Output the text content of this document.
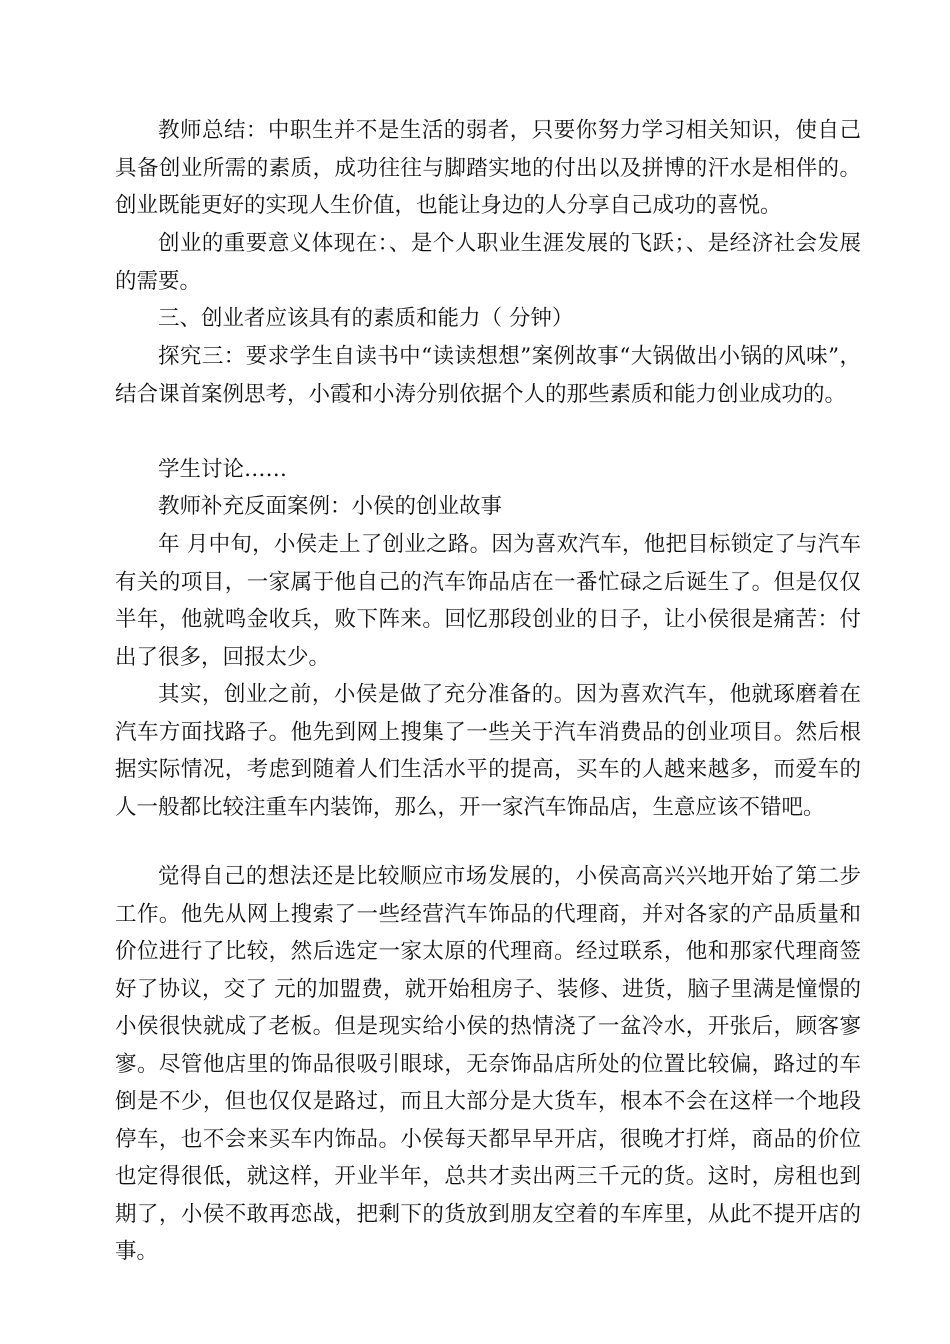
教师总结：中职生并不是生活的弱者，只要你努力学习相关知识，使自己具备创业所需的素质，成功往往与脚踏实地的付出以及拼博的汗水是相伴的。创业既能更好的实现人生价值，也能让身边的人分享自己成功的喜悦。

创业的重要意义体现在：、是个人职业生涯发展的飞跃；、是经济社会发展的需要。

三、创业者应该具有的素质和能力（ 分钟）

探究三：要求学生自读书中“读读想想”案例故事“大锅做出小锅的风味”，结合课首案例思考，小霞和小涛分别依据个人的那些素质和能力创业成功的。

学生讨论……

教师补充反面案例：小侯的创业故事

年 月中旬，小侯走上了创业之路。因为喜欢汽车，他把目标锁定了与汽车有关的项目，一家属于他自己的汽车饰品店在一番忙碌之后诞生了。但是仅仅半年，他就鸣金收兵，败下阵来。回忆那段创业的日子，让小侯很是痛苦：付出了很多，回报太少。

其实，创业之前，小侯是做了充分准备的。因为喜欢汽车，他就琢磨着在汽车方面找路子。他先到网上搜集了一些关于汽车消费品的创业项目。然后根据实际情况，考虑到随着人们生活水平的提高，买车的人越来越多，而爱车的人一般都比较注重车内装饰，那么，开一家汽车饰品店，生意应该不错吧。

觉得自己的想法还是比较顺应市场发展的，小侯高高兴兴地开始了第二步工作。他先从网上搜索了一些经营汽车饰品的代理商，并对各家的产品质量和价位进行了比较，然后选定一家太原的代理商。经过联系，他和那家代理商签好了协议，交了 元的加盟费，就开始租房子、装修、进货，脑子里满是憧憬的小侯很快就成了老板。但是现实给小侯的热情浇了一盆冷水，开张后，顾客寥寥。尽管他店里的饰品很吸引眼球，无奈饰品店所处的位置比较偏，路过的车倒是不少，但也仅仅是路过，而且大部分是大货车，根本不会在这样一个地段停车，也不会来买车内饰品。小侯每天都早早开店，很晚才打烊，商品的价位也定得很低，就这样，开业半年，总共才卖出两三千元的货。这时，房租也到期了，小侯不敢再恋战，把剩下的货放到朋友空着的车库里，从此不提开店的事。
